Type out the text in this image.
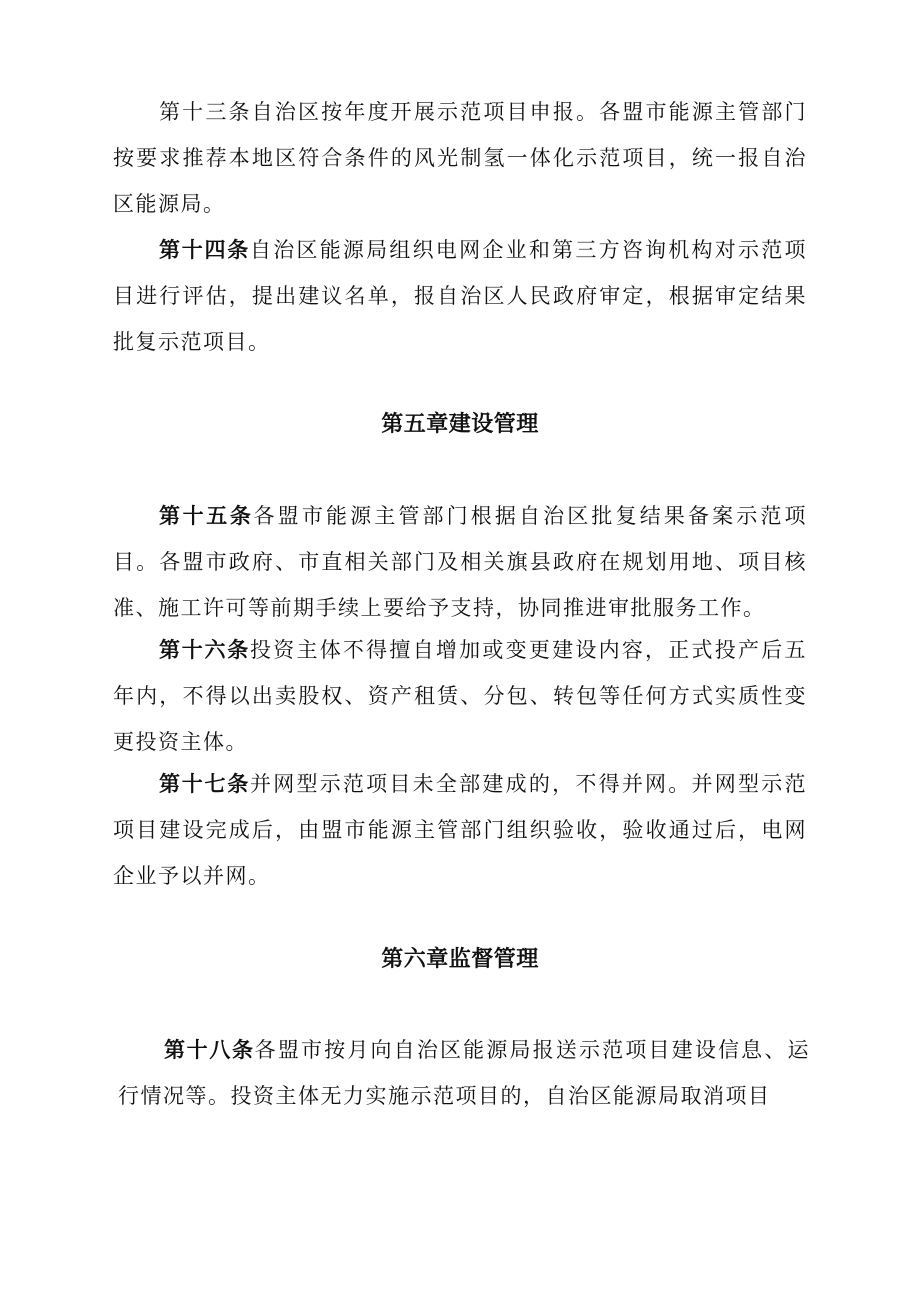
第十三条自治区按年度开展示范项目申报。各盟市能源主管部门按要求推荐本地区符合条件的风光制氢一体化示范项目，统一报自治区能源局。

第十四条自治区能源局组织电网企业和第三方咨询机构对示范项目进行评估，提出建议名单，报自治区人民政府审定，根据审定结果批复示范项目。

第五章建设管理

第十五条各盟市能源主管部门根据自治区批复结果备案示范项目。各盟市政府、市直相关部门及相关旗县政府在规划用地、项目核准、施工许可等前期手续上要给予支持，协同推进审批服务工作。

第十六条投资主体不得擅自增加或变更建设内容，正式投产后五年内，不得以出卖股权、资产租赁、分包、转包等任何方式实质性变更投资主体。

第十七条并网型示范项目未全部建成的，不得并网。并网型示范项目建设完成后，由盟市能源主管部门组织验收，验收通过后，电网企业予以并网。

第六章监督管理

第十八条各盟市按月向自治区能源局报送示范项目建设信息、运行情况等。投资主体无力实施示范项目的，自治区能源局取消项目
